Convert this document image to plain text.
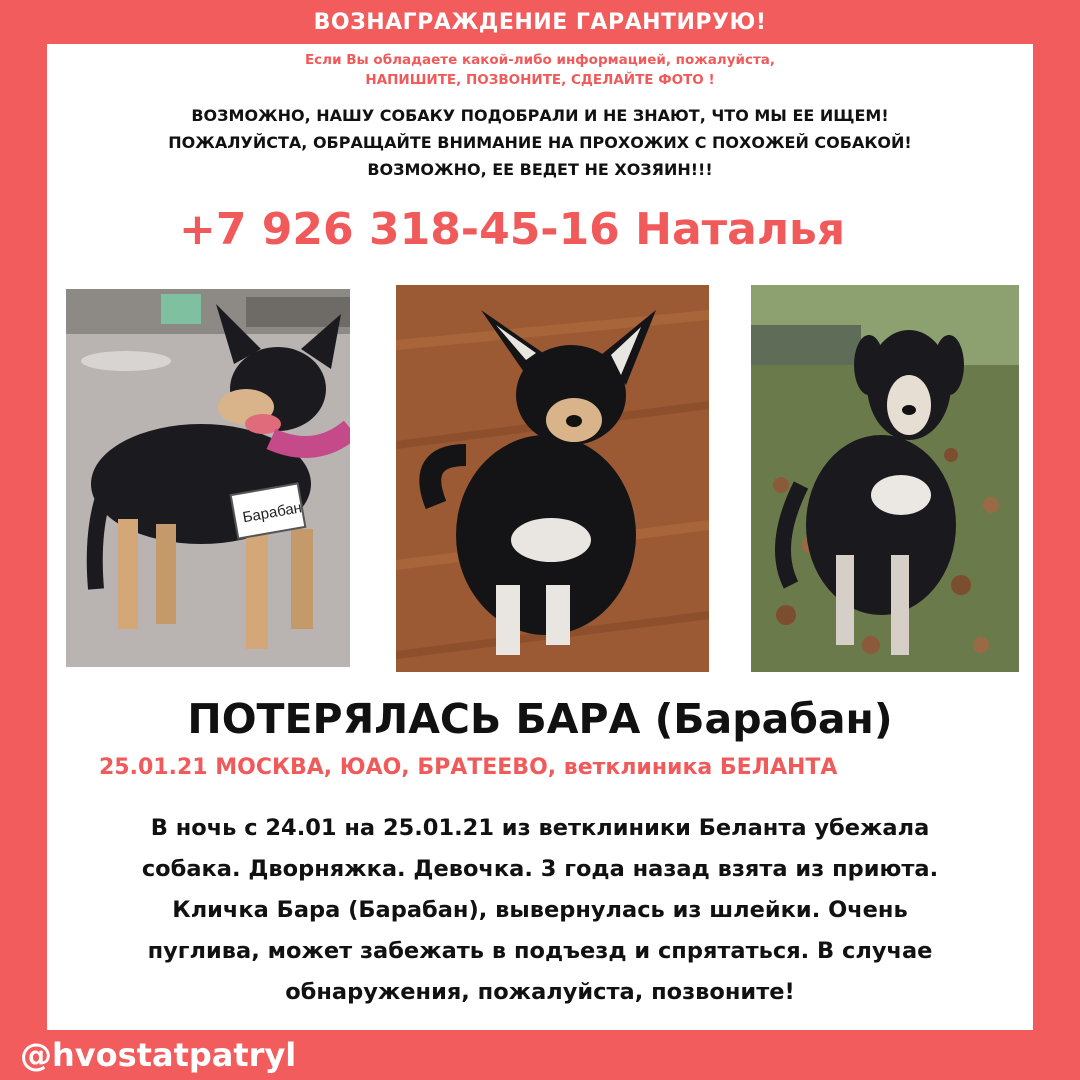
ВОЗНАГРАЖДЕНИЕ ГАРАНТИРУЮ!
Если Вы обладаете какой-либо информацией, пожалуйста,
НАПИШИТЕ, ПОЗВОНИТЕ, СДЕЛАЙТЕ ФОТО !
ВОЗМОЖНО, НАШУ СОБАКУ ПОДОБРАЛИ И НЕ ЗНАЮТ, ЧТО МЫ ЕЕ ИЩЕМ!
ПОЖАЛУЙСТА, ОБРАЩАЙТЕ ВНИМАНИЕ НА ПРОХОЖИХ С ПОХОЖЕЙ СОБАКОЙ!
ВОЗМОЖНО, ЕЕ ВЕДЕТ НЕ ХОЗЯИН!!!
+7 926 318-45-16 Наталья
Барабан
ПОТЕРЯЛАСЬ БАРА (Барабан)
25.01.21 МОСКВА, ЮАО, БРАТЕЕВО, ветклиника БЕЛАНТА
В ночь с 24.01 на 25.01.21 из ветклиники Беланта убежала
собака. Дворняжка. Девочка. 3 года назад взята из приюта.
Кличка Бара (Барабан), вывернулась из шлейки. Очень
пуглива, может забежать в подъезд и спрятаться. В случае
обнаружения, пожалуйста, позвоните!
@hvostatpatryl
